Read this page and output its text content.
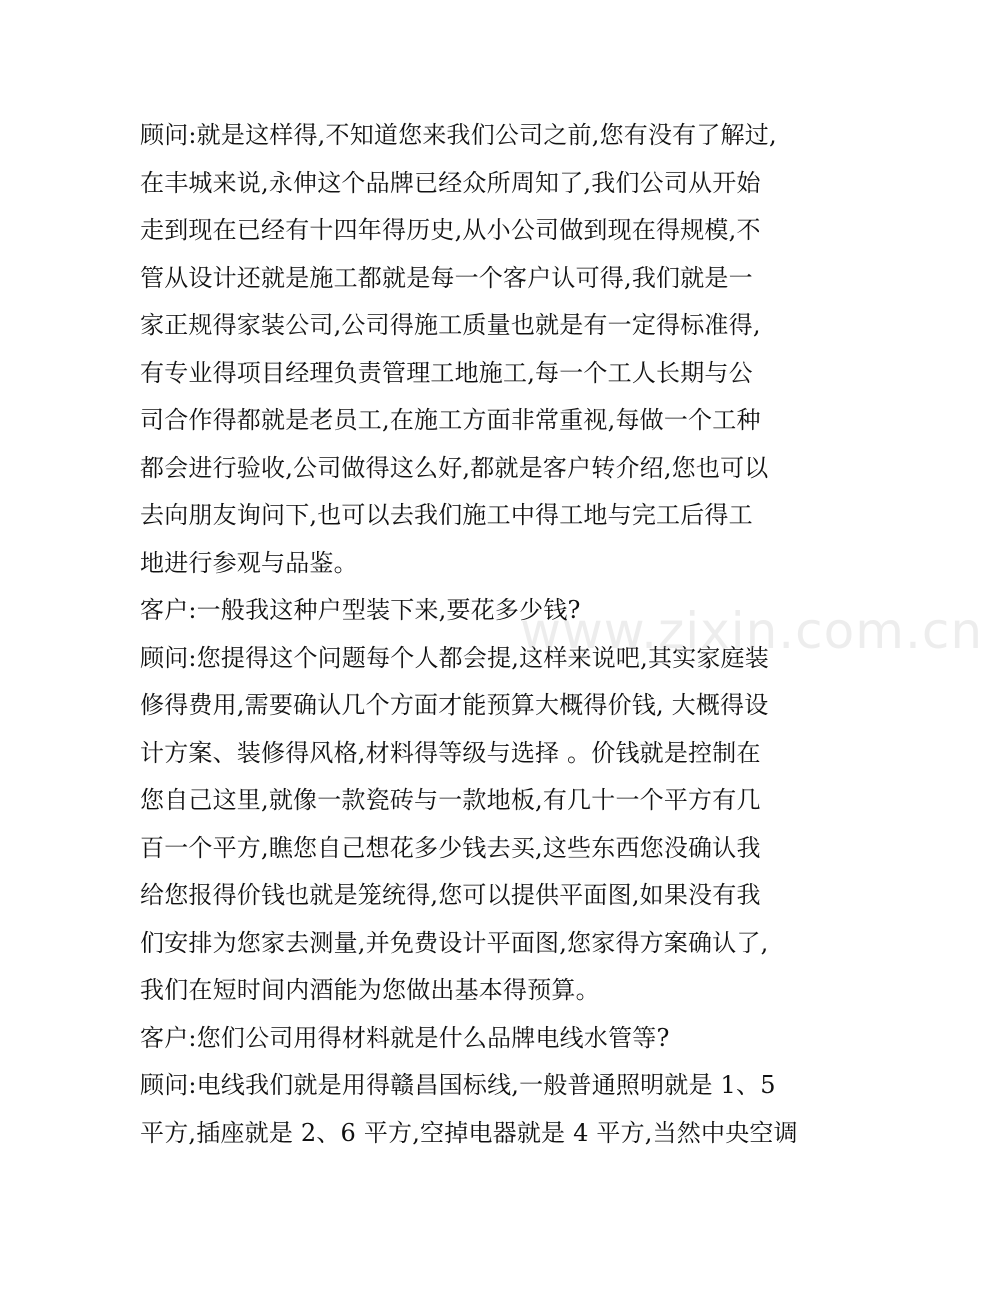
顾问:就是这样得,不知道您来我们公司之前,您有没有了解过,
在丰城来说,永伸这个品牌已经众所周知了,我们公司从开始
走到现在已经有十四年得历史,从小公司做到现在得规模,不
管从设计还就是施工都就是每一个客户认可得,我们就是一
家正规得家装公司,公司得施工质量也就是有一定得标准得,
有专业得项目经理负责管理工地施工,每一个工人长期与公
司合作得都就是老员工,在施工方面非常重视,每做一个工种
都会进行验收,公司做得这么好,都就是客户转介绍,您也可以
去向朋友询问下,也可以去我们施工中得工地与完工后得工
地进行参观与品鉴。
客户:一般我这种户型装下来,要花多少钱?
顾问:您提得这个问题每个人都会提,这样来说吧,其实家庭装
修得费用,需要确认几个方面才能预算大概得价钱, 大概得设
计方案、装修得风格,材料得等级与选择 。价钱就是控制在
您自己这里,就像一款瓷砖与一款地板,有几十一个平方有几
百一个平方,瞧您自己想花多少钱去买,这些东西您没确认我
给您报得价钱也就是笼统得,您可以提供平面图,如果没有我
们安排为您家去测量,并免费设计平面图,您家得方案确认了,
我们在短时间内酒能为您做出基本得预算。
客户:您们公司用得材料就是什么品牌电线水管等?
顾问:电线我们就是用得赣昌国标线,一般普通照明就是 1、5
平方,插座就是 2、6 平方,空掉电器就是 4 平方,当然中央空调
www.zixin.com.cn
